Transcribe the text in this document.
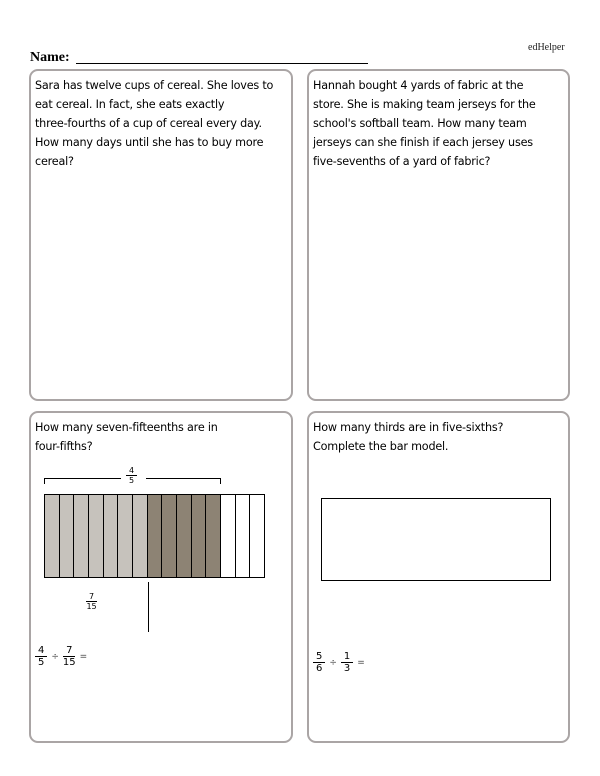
edHelper
Name:
Sara has twelve cups of cereal. She loves to
eat cereal. In fact, she eats exactly
three-fourths of a cup of cereal every day.
How many days until she has to buy more
cereal?
Hannah bought 4 yards of fabric at the
store. She is making team jerseys for the
school's softball team. How many team
jerseys can she finish if each jersey uses
five-sevenths of a yard of fabric?
How many seven-fifteenths are in
four-fifths?
$\frac{4}{5}$
$\frac{7}{15}$
$\frac{4}{5} \div \frac{7}{15}$ =
How many thirds are in five-sixths?
Complete the bar model.
$\frac{5}{6} \div \frac{1}{3}$ =
